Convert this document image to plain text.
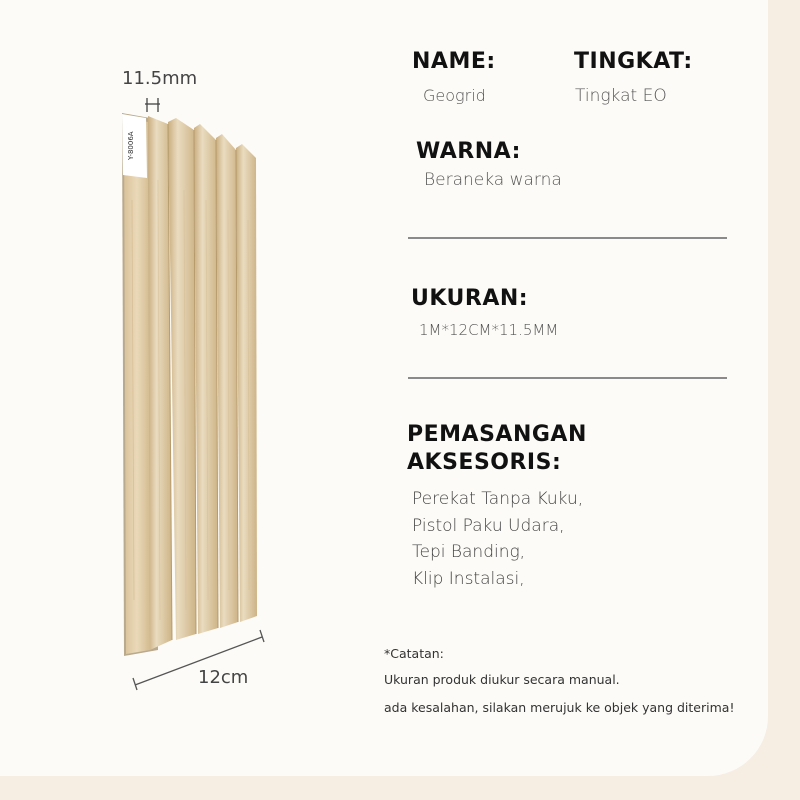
Y-8006A

11.5mm

12cm

NAME:

Geogrid

TINGKAT:

Tingkat EO

WARNA:

Beraneka warna

UKURAN:

1M*12CM*11.5MM

PEMASANGAN

AKSESORIS:

Perekat Tanpa Kuku,
Pistol Paku Udara,
Tepi Banding,
Klip Instalasi,

*Catatan:

Ukuran produk diukur secara manual.

ada kesalahan, silakan merujuk ke objek yang diterima!
